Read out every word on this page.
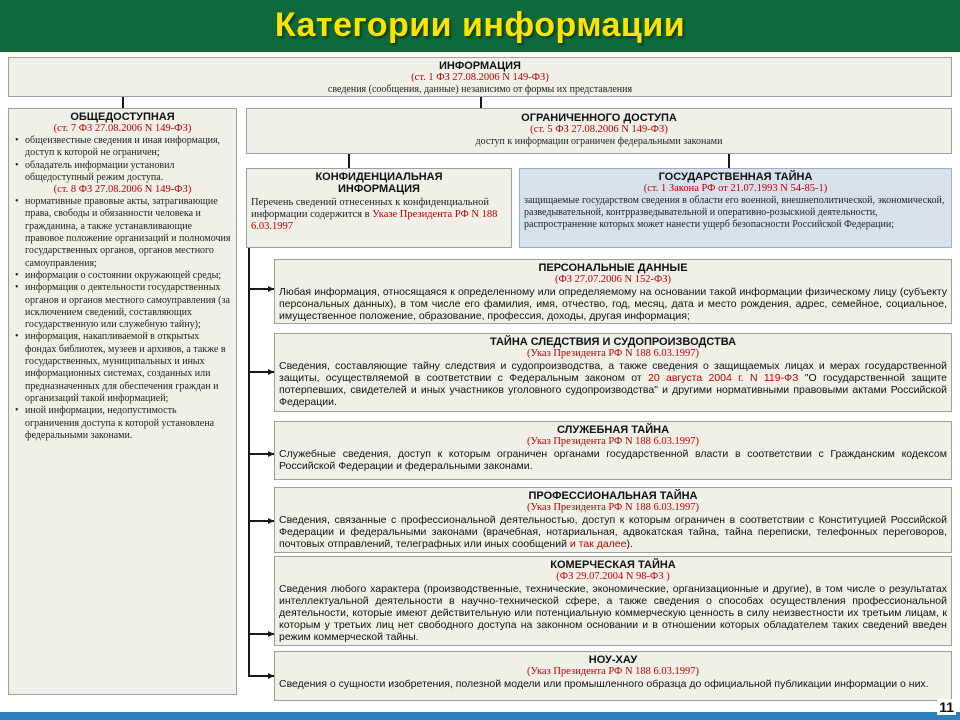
Категории информации
ИНФОРМАЦИЯ
(ст. 1 ФЗ 27.08.2006 N 149-ФЗ)
сведения (сообщения, данные) независимо от формы их представления
ОБЩЕДОСТУПНАЯ
(ст. 7 ФЗ 27.08.2006 N 149-ФЗ)
• общеизвестные сведения и иная информация, доступ к которой не ограничен;
• обладатель информации установил общедоступный режим доступа.
(ст. 8 ФЗ 27.08.2006 N 149-ФЗ)
• нормативные правовые акты, затрагивающие права, свободы и обязанности человека и гражданина, а также устанавливающие правовое положение организаций и полномочия государственных органов, органов местного самоуправления;
• информация о состоянии окружающей среды;
• информация о деятельности государственных органов и органов местного самоуправления (за исключением сведений, составляющих государственную или служебную тайну);
• информация, накапливаемой в открытых фондах библиотек, музеев и архивов, а также в государственных, муниципальных и иных информационных системах, созданных или предназначенных для обеспечения граждан и организаций такой информацией;
• иной информации, недопустимость ограничения доступа к которой установлена федеральными законами.
ОГРАНИЧЕННОГО ДОСТУПА
(ст. 5 ФЗ 27.08.2006 N 149-ФЗ)
доступ к информации ограничен федеральными законами
КОНФИДЕНЦИАЛЬНАЯ ИНФОРМАЦИЯ
Перечень сведений отнесенных к конфиденциальной информации содержится в Указе Президента РФ N 188 6.03.1997
ГОСУДАРСТВЕННАЯ ТАЙНА
(ст. 1 Закона РФ от 21.07.1993 N 54-85-1)
защищаемые государством сведения в области его военной, внешнеполитической, экономической, разведывательной, контрразведывательной и оперативно-розыскной деятельности, распространение которых может нанести ущерб безопасности Российской Федерации;
ПЕРСОНАЛЬНЫЕ ДАННЫЕ
(ФЗ 27.07.2006 N 152-ФЗ)
Любая информация, относящаяся к определенному или определяемому на основании такой информации физическому лицу (субъекту персональных данных), в том числе его фамилия, имя, отчество, год, месяц, дата и место рождения, адрес, семейное, социальное, имущественное положение, образование, профессия, доходы, другая информация;
ТАЙНА СЛЕДСТВИЯ И СУДОПРОИЗВОДСТВА
(Указ Президента РФ N 188 6.03.1997)
Сведения, составляющие тайну следствия и судопроизводства, а также сведения о защищаемых лицах и мерах государственной защиты, осуществляемой в соответствии с Федеральным законом от 20 августа 2004 г. N 119-ФЗ "О государственной защите потерпевших, свидетелей и иных участников уголовного судопроизводства" и другими нормативными правовыми актами Российской Федерации.
СЛУЖЕБНАЯ ТАЙНА
(Указ Президента РФ N 188 6.03.1997)
Служебные сведения, доступ к которым ограничен органами государственной власти в соответствии с Гражданским кодексом Российской Федерации и федеральными законами.
ПРОФЕССИОНАЛЬНАЯ ТАЙНА
(Указ Президента РФ N 188 6.03.1997)
Сведения, связанные с профессиональной деятельностью, доступ к которым ограничен в соответствии с Конституцией Российской Федерации и федеральными законами (врачебная, нотариальная, адвокатская тайна, тайна переписки, телефонных переговоров, почтовых отправлений, телеграфных или иных сообщений и так далее).
КОМЕРЧЕСКАЯ ТАЙНА
(ФЗ 29.07.2004 N 98-ФЗ )
Сведения любого характера (производственные, технические, экономические, организационные и другие), в том числе о результатах интеллектуальной деятельности в научно-технической сфере, а также сведения о способах осуществления профессиональной деятельности, которые имеют действительную или потенциальную коммерческую ценность в силу неизвестности их третьим лицам, к которым у третьих лиц нет свободного доступа на законном основании и в отношении которых обладателем таких сведений введен режим коммерческой тайны.
НОУ-ХАУ
(Указ Президента РФ N 188 6.03.1997)
Сведения о сущности изобретения, полезной модели или промышленного образца до официальной публикации информации о них.
11
